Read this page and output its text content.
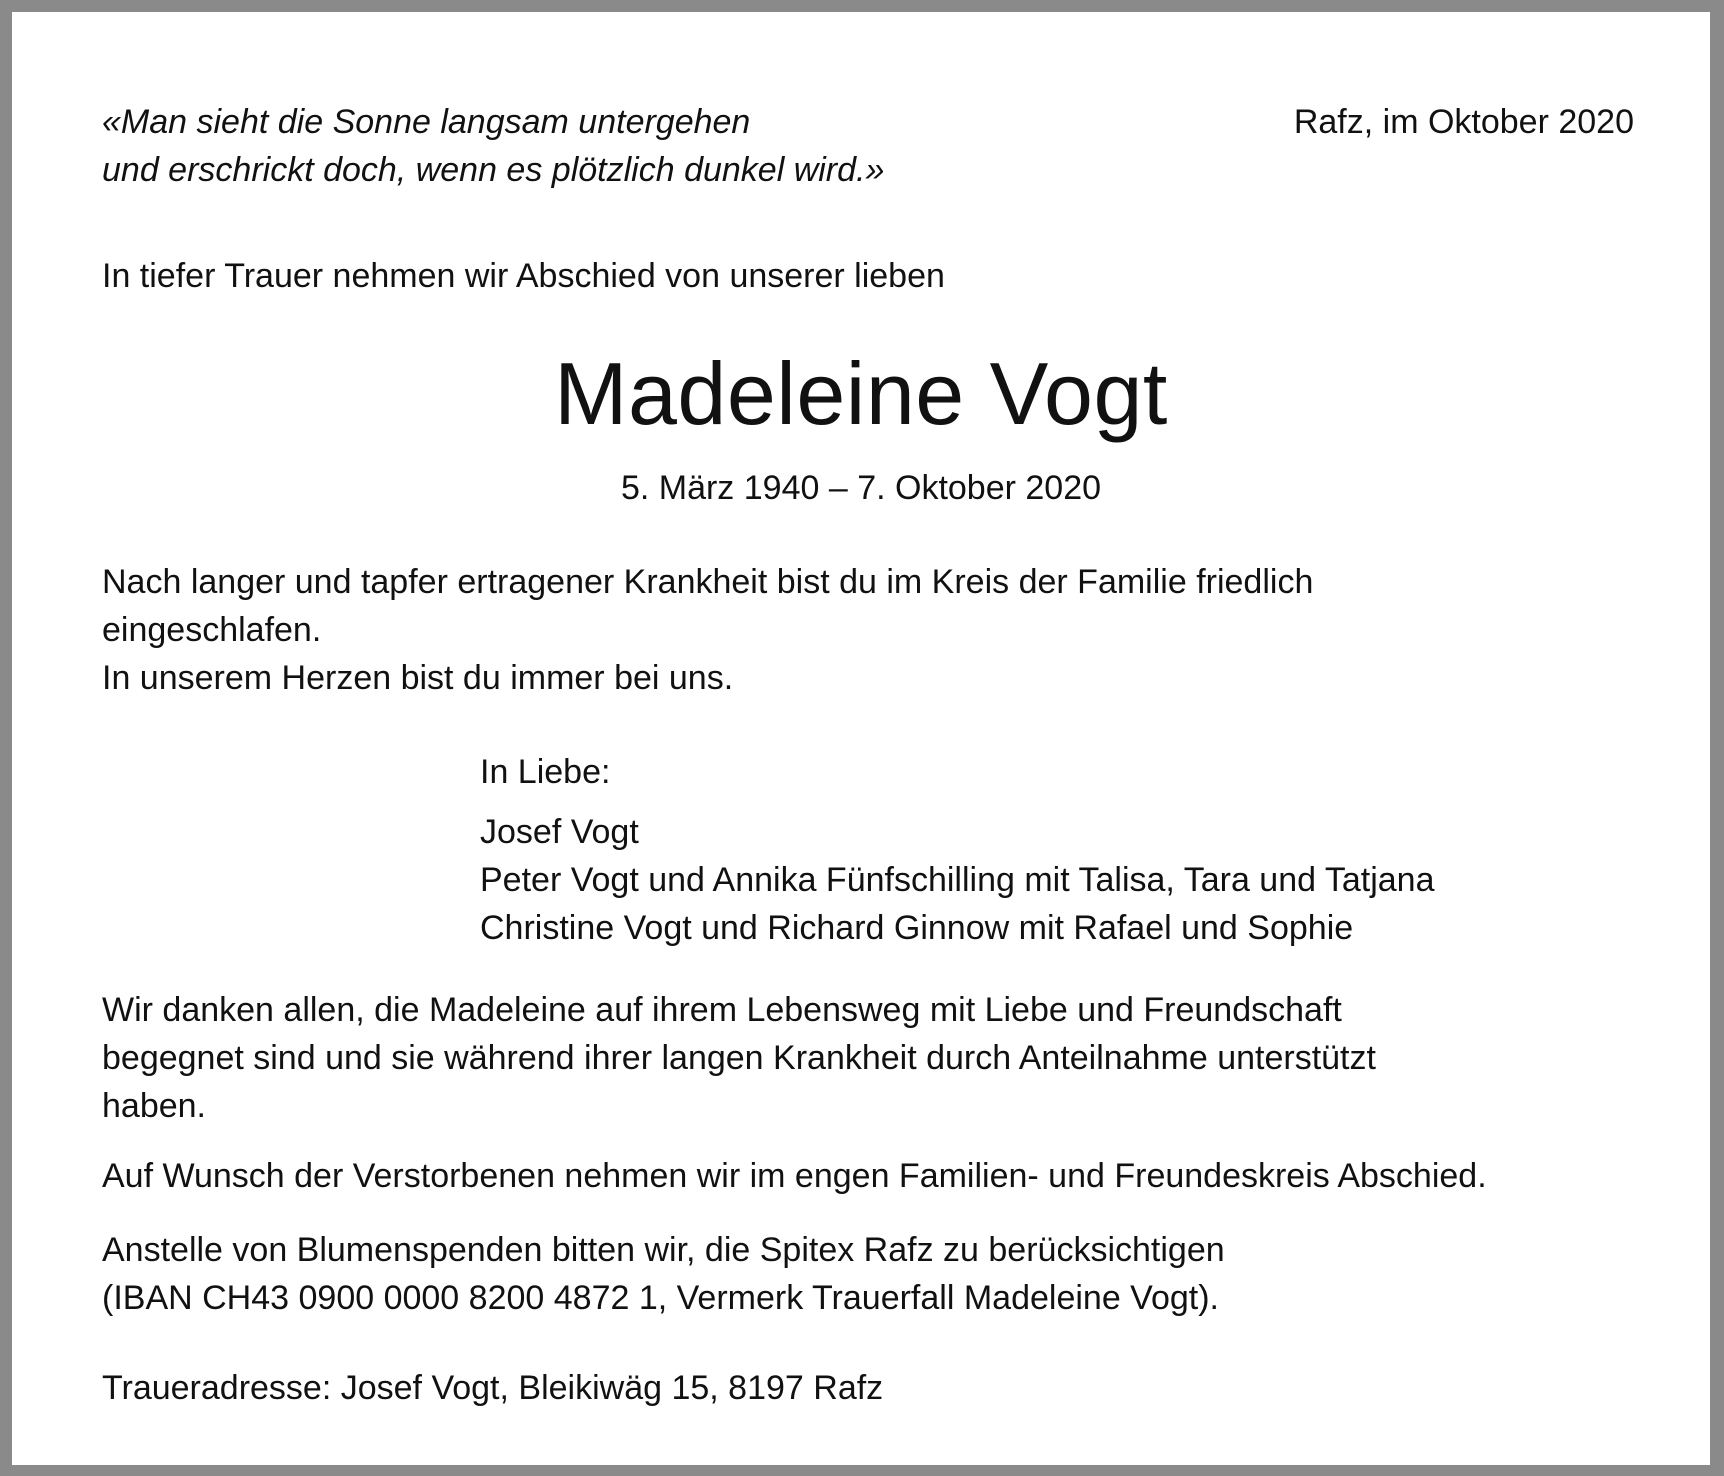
«Man sieht die Sonne langsam untergehen
und erschrickt doch, wenn es plötzlich dunkel wird.»

Rafz, im Oktober 2020

In tiefer Trauer nehmen wir Abschied von unserer lieben

Madeleine Vogt

5. März 1940 – 7. Oktober 2020

Nach langer und tapfer ertragener Krankheit bist du im Kreis der Familie friedlich
eingeschlafen.
In unserem Herzen bist du immer bei uns.

In Liebe:

Josef Vogt
Peter Vogt und Annika Fünfschilling mit Talisa, Tara und Tatjana
Christine Vogt und Richard Ginnow mit Rafael und Sophie

Wir danken allen, die Madeleine auf ihrem Lebensweg mit Liebe und Freundschaft
begegnet sind und sie während ihrer langen Krankheit durch Anteilnahme unterstützt
haben.

Auf Wunsch der Verstorbenen nehmen wir im engen Familien- und Freundeskreis Abschied.

Anstelle von Blumenspenden bitten wir, die Spitex Rafz zu berücksichtigen
(IBAN CH43 0900 0000 8200 4872 1, Vermerk Trauerfall Madeleine Vogt).

Traueradresse: Josef Vogt, Bleikiwäg 15, 8197 Rafz
